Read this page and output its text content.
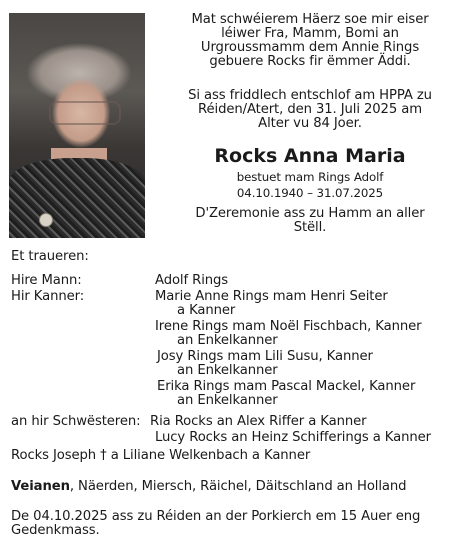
Mat schwéierem Häerz soe mir eiser
léiwer Fra, Mamm, Bomi an
Urgroussmamm dem Annie Rings
gebuere Rocks fir ëmmer Äddi.
Si ass friddlech entschlof am HPPA zu
Réiden/Atert, den 31. Juli 2025 am
Alter vu 84 Joer.
Rocks Anna Maria
bestuet mam Rings Adolf
04.10.1940 – 31.07.2025
D'Zeremonie ass zu Hamm an aller
Stëll.
Et traueren:
Hire Mann:	Adolf Rings
Hir Kanner:	Marie Anne Rings mam Henri Seiter
a Kanner
Irene Rings mam Noël Fischbach, Kanner
an Enkelkanner
Josy Rings mam Lili Susu, Kanner
an Enkelkanner
Erika Rings mam Pascal Mackel, Kanner
an Enkelkanner
an hir Schwësteren: Ria Rocks an Alex Riffer a Kanner
Lucy Rocks an Heinz Schifferings a Kanner
Rocks Joseph † a Liliane Welkenbach a Kanner
Veianen, Näerden, Miersch, Räichel, Däitschland an Holland
De 04.10.2025 ass zu Réiden an der Porkierch em 15 Auer eng
Gedenkmass.
